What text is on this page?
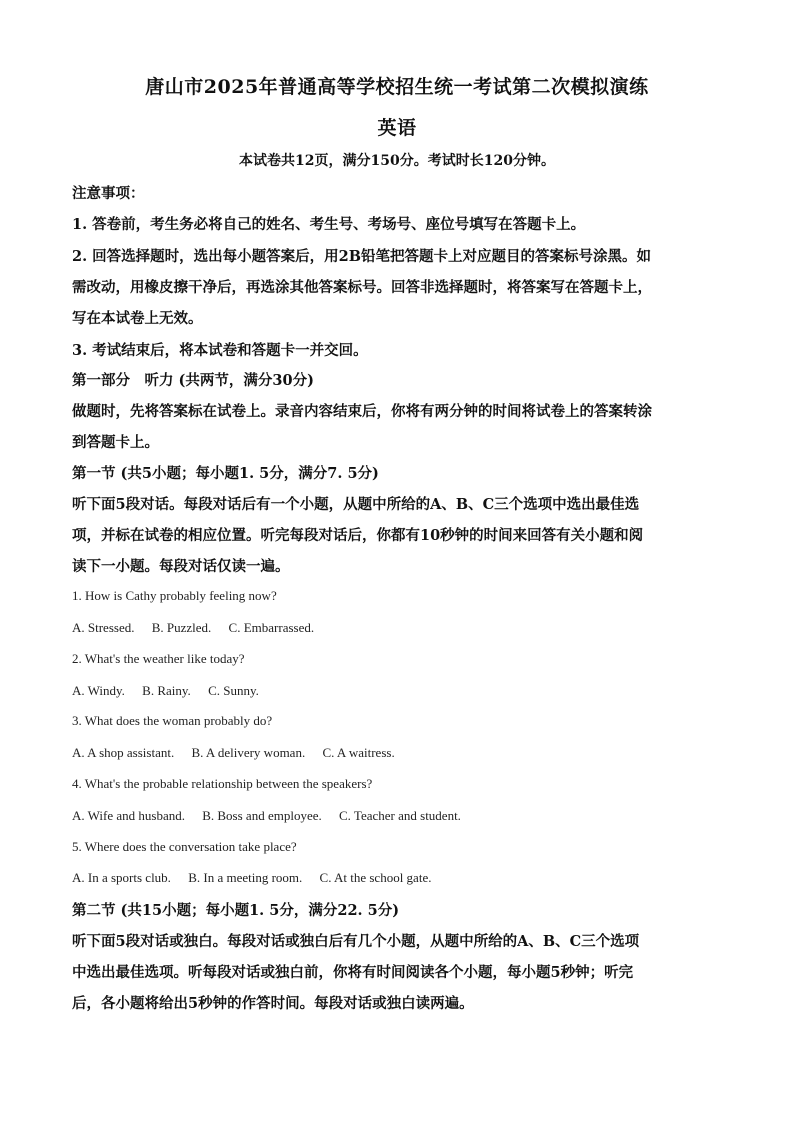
唐山市2025年普通高等学校招生统一考试第二次模拟演练
英语
本试卷共12页，满分150分。考试时长120分钟。
注意事项：
1. 答卷前，考生务必将自己的姓名、考生号、考场号、座位号填写在答题卡上。
2. 回答选择题时，选出每小题答案后，用2B铅笔把答题卡上对应题目的答案标号涂黑。如
需改动，用橡皮擦干净后，再选涂其他答案标号。回答非选择题时，将答案写在答题卡上，
写在本试卷上无效。
3. 考试结束后，将本试卷和答题卡一并交回。
第一部分　听力 (共两节，满分30分)
做题时，先将答案标在试卷上。录音内容结束后，你将有两分钟的时间将试卷上的答案转涂
到答题卡上。
第一节 (共5小题；每小题1. 5分，满分7. 5分)
听下面5段对话。每段对话后有一个小题，从题中所给的A、B、C三个选项中选出最佳选
项，并标在试卷的相应位置。听完每段对话后，你都有10秒钟的时间来回答有关小题和阅
读下一小题。每段对话仅读一遍。
1. How is Cathy probably feeling now?
A. Stressed. B. Puzzled. C. Embarrassed.
2. What's the weather like today?
A. Windy. B. Rainy. C. Sunny.
3. What does the woman probably do?
A. A shop assistant. B. A delivery woman. C. A waitress.
4. What's the probable relationship between the speakers?
A. Wife and husband. B. Boss and employee. C. Teacher and student.
5. Where does the conversation take place?
A. In a sports club. B. In a meeting room. C. At the school gate.
第二节 (共15小题；每小题1. 5分，满分22. 5分)
听下面5段对话或独白。每段对话或独白后有几个小题，从题中所给的A、B、C三个选项
中选出最佳选项。听每段对话或独白前，你将有时间阅读各个小题，每小题5秒钟；听完
后，各小题将给出5秒钟的作答时间。每段对话或独白读两遍。
